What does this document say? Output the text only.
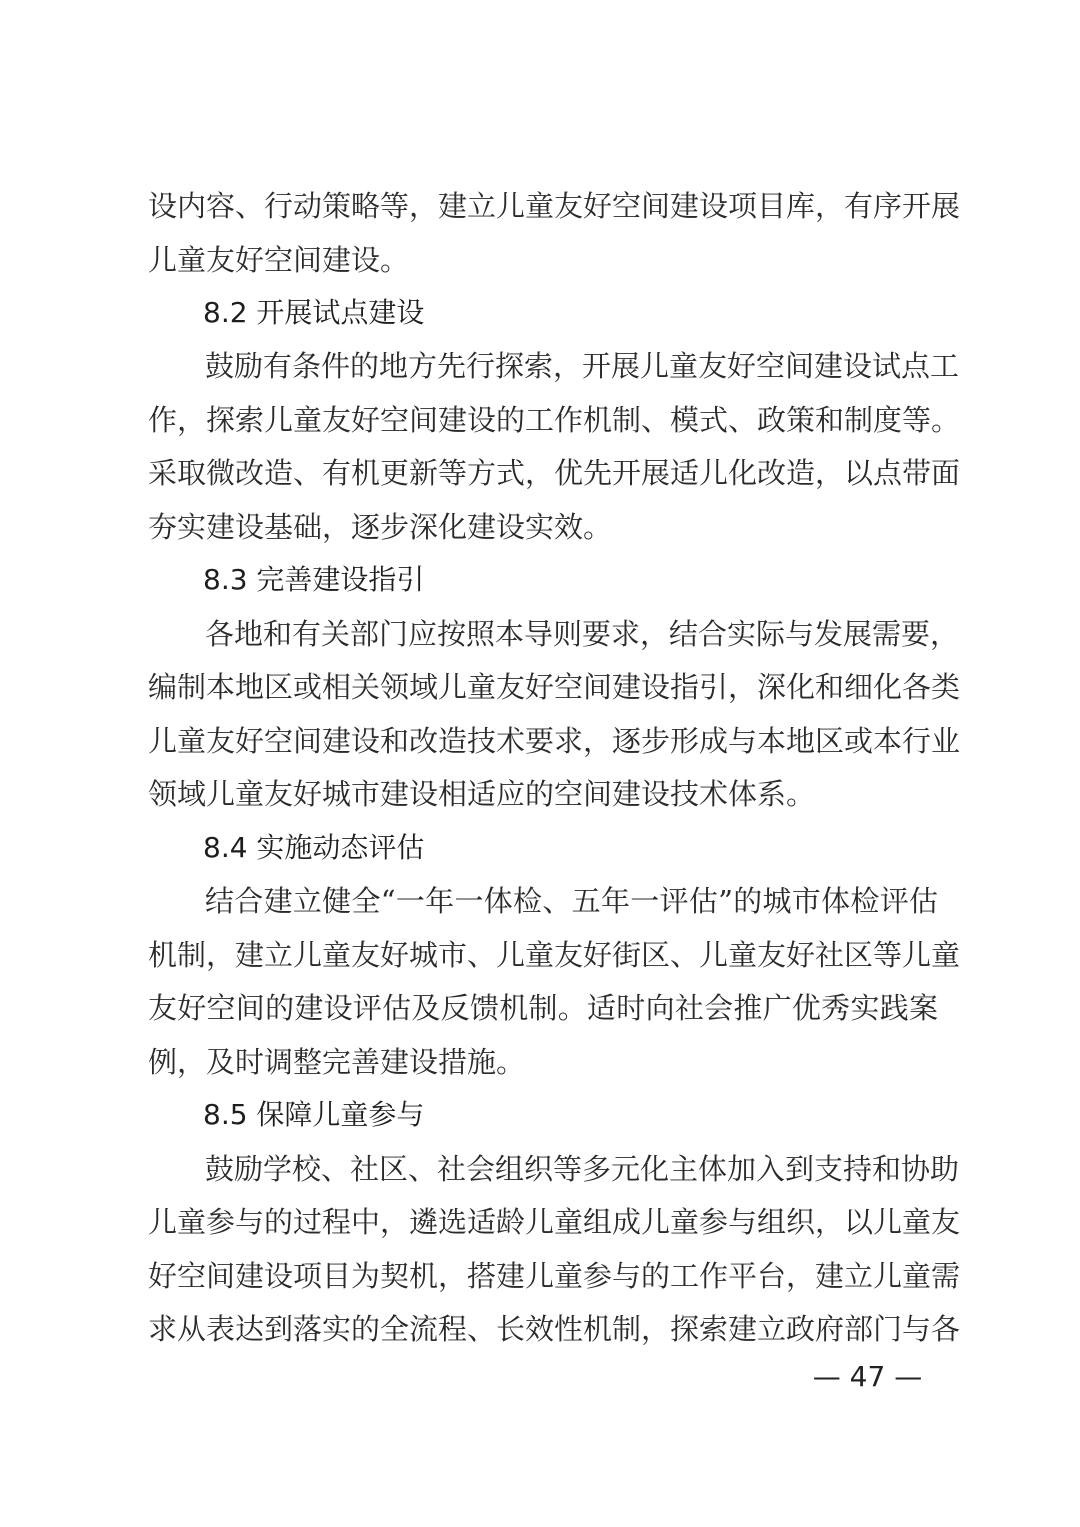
设内容、行动策略等，建立儿童友好空间建设项目库，有序开展
儿童友好空间建设。
8.2 开展试点建设
鼓励有条件的地方先行探索，开展儿童友好空间建设试点工
作，探索儿童友好空间建设的工作机制、模式、政策和制度等。
采取微改造、有机更新等方式，优先开展适儿化改造，以点带面
夯实建设基础，逐步深化建设实效。
8.3 完善建设指引
各地和有关部门应按照本导则要求，结合实际与发展需要，
编制本地区或相关领域儿童友好空间建设指引，深化和细化各类
儿童友好空间建设和改造技术要求，逐步形成与本地区或本行业
领域儿童友好城市建设相适应的空间建设技术体系。
8.4 实施动态评估
结合建立健全“一年一体检、五年一评估”的城市体检评估
机制，建立儿童友好城市、儿童友好街区、儿童友好社区等儿童
友好空间的建设评估及反馈机制。适时向社会推广优秀实践案
例，及时调整完善建设措施。
8.5 保障儿童参与
鼓励学校、社区、社会组织等多元化主体加入到支持和协助
儿童参与的过程中，遴选适龄儿童组成儿童参与组织，以儿童友
好空间建设项目为契机，搭建儿童参与的工作平台，建立儿童需
求从表达到落实的全流程、长效性机制，探索建立政府部门与各
— 47 —
